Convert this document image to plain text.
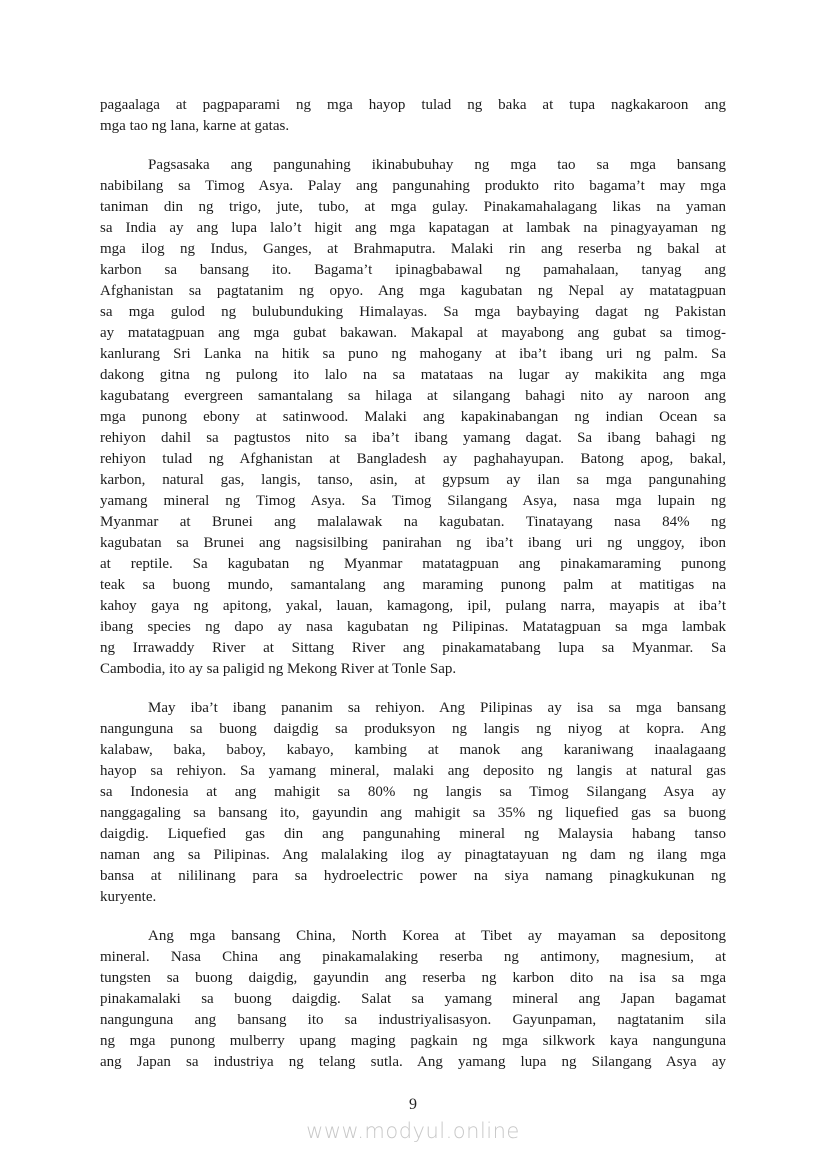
pagaalaga at pagpaparami ng mga hayop tulad ng baka at tupa nagkakaroon ang
mga tao ng lana, karne at gatas.

Pagsasaka ang pangunahing ikinabubuhay ng mga tao sa mga bansang
nabibilang sa Timog Asya. Palay ang pangunahing produkto rito bagama’t may mga
taniman din ng trigo, jute, tubo, at mga gulay. Pinakamahalagang likas na yaman
sa India ay ang lupa lalo’t higit ang mga kapatagan at lambak na pinagyayaman ng
mga ilog ng Indus, Ganges, at Brahmaputra. Malaki rin ang reserba ng bakal at
karbon sa bansang ito. Bagama’t ipinagbabawal ng pamahalaan, tanyag ang
Afghanistan sa pagtatanim ng opyo. Ang mga kagubatan ng Nepal ay matatagpuan
sa mga gulod ng bulubunduking Himalayas. Sa mga baybaying dagat ng Pakistan
ay matatagpuan ang mga gubat bakawan. Makapal at mayabong ang gubat sa timog-
kanlurang Sri Lanka na hitik sa puno ng mahogany at iba’t ibang uri ng palm. Sa
dakong gitna ng pulong ito lalo na sa matataas na lugar ay makikita ang mga
kagubatang evergreen samantalang sa hilaga at silangang bahagi nito ay naroon ang
mga punong ebony at satinwood. Malaki ang kapakinabangan ng indian Ocean sa
rehiyon dahil sa pagtustos nito sa iba’t ibang yamang dagat. Sa ibang bahagi ng
rehiyon tulad ng Afghanistan at Bangladesh ay paghahayupan. Batong apog, bakal,
karbon, natural gas, langis, tanso, asin, at gypsum ay ilan sa mga pangunahing
yamang mineral ng Timog Asya. Sa Timog Silangang Asya, nasa mga lupain ng
Myanmar at Brunei ang malalawak na kagubatan. Tinatayang nasa 84% ng
kagubatan sa Brunei ang nagsisilbing panirahan ng iba’t ibang uri ng unggoy, ibon
at reptile. Sa kagubatan ng Myanmar matatagpuan ang pinakamaraming punong
teak sa buong mundo, samantalang ang maraming punong palm at matitigas na
kahoy gaya ng apitong, yakal, lauan, kamagong, ipil, pulang narra, mayapis at iba’t
ibang species ng dapo ay nasa kagubatan ng Pilipinas. Matatagpuan sa mga lambak
ng Irrawaddy River at Sittang River ang pinakamatabang lupa sa Myanmar. Sa
Cambodia, ito ay sa paligid ng Mekong River at Tonle Sap.

May iba’t ibang pananim sa rehiyon. Ang Pilipinas ay isa sa mga bansang
nangunguna sa buong daigdig sa produksyon ng langis ng niyog at kopra. Ang
kalabaw, baka, baboy, kabayo, kambing at manok ang karaniwang inaalagaang
hayop sa rehiyon. Sa yamang mineral, malaki ang deposito ng langis at natural gas
sa Indonesia at ang mahigit sa 80% ng langis sa Timog Silangang Asya ay
nanggagaling sa bansang ito, gayundin ang mahigit sa 35% ng liquefied gas sa buong
daigdig. Liquefied gas din ang pangunahing mineral ng Malaysia habang tanso
naman ang sa Pilipinas. Ang malalaking ilog ay pinagtatayuan ng dam ng ilang mga
bansa at nililinang para sa hydroelectric power na siya namang pinagkukunan ng
kuryente.

Ang mga bansang China, North Korea at Tibet ay mayaman sa depositong
mineral. Nasa China ang pinakamalaking reserba ng antimony, magnesium, at
tungsten sa buong daigdig, gayundin ang reserba ng karbon dito na isa sa mga
pinakamalaki sa buong daigdig. Salat sa yamang mineral ang Japan bagamat
nangunguna ang bansang ito sa industriyalisasyon. Gayunpaman, nagtatanim sila
ng mga punong mulberry upang maging pagkain ng mga silkwork kaya nangunguna
ang Japan sa industriya ng telang sutla. Ang yamang lupa ng Silangang Asya ay

9
www.modyul.online
